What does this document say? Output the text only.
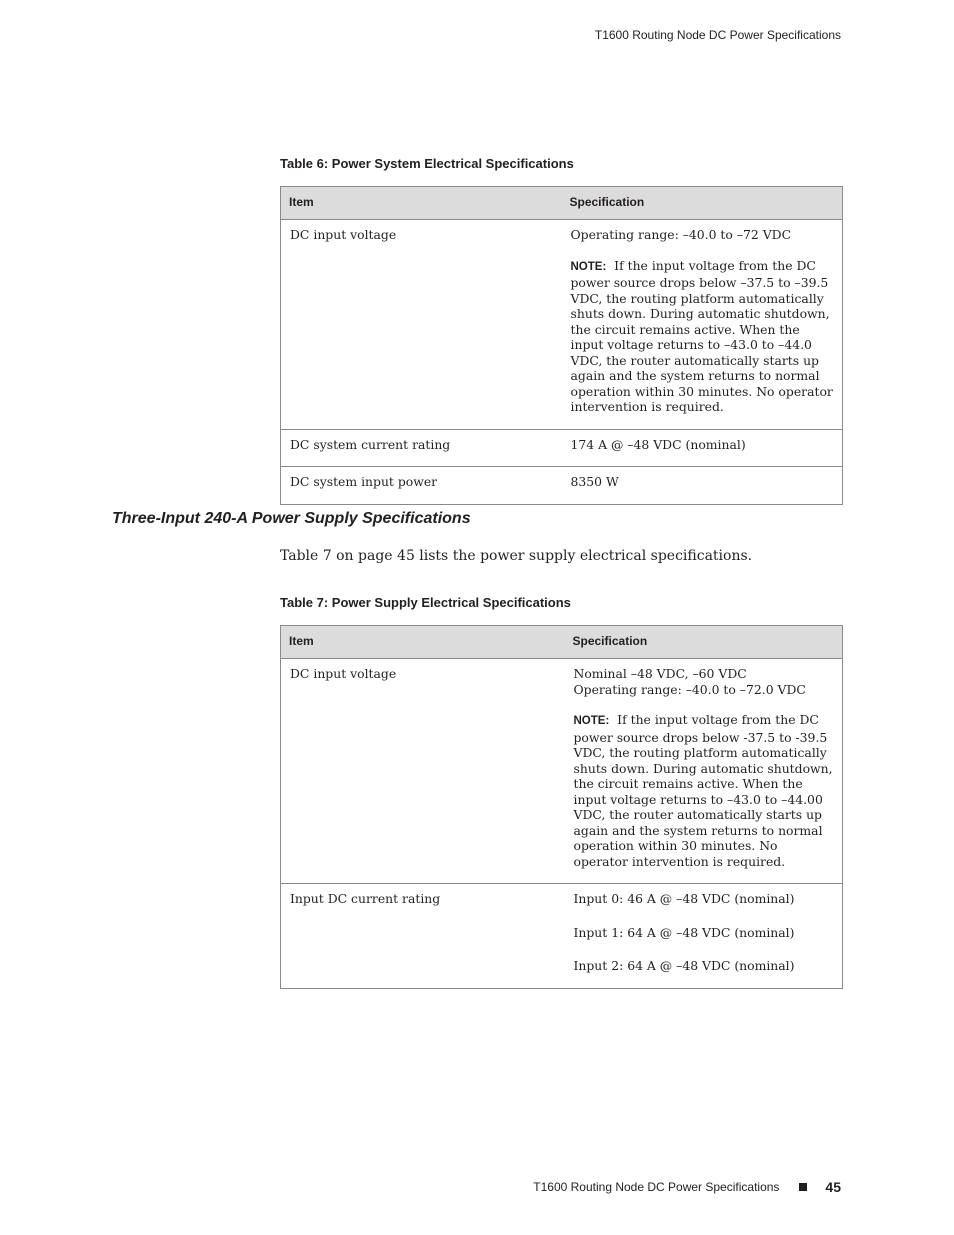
T1600 Routing Node DC Power Specifications
Table 6: Power System Electrical Specifications
Item	Specification
DC input voltage	Operating range: –40.0 to –72 VDC

NOTE: If the input voltage from the DC power source drops below –37.5 to –39.5 VDC, the routing platform automatically shuts down. During automatic shutdown, the circuit remains active. When the input voltage returns to –43.0 to –44.0 VDC, the router automatically starts up again and the system returns to normal operation within 30 minutes. No operator intervention is required.

DC system current rating	174 A @ –48 VDC (nominal)
DC system input power	8350 W
Three-Input 240-A Power Supply Specifications
Table 7 on page 45 lists the power supply electrical specifications.
Table 7: Power Supply Electrical Specifications
Item	Specification
DC input voltage	Nominal –48 VDC, –60 VDC

Operating range: –40.0 to –72.0 VDC

NOTE: If the input voltage from the DC power source drops below -37.5 to -39.5 VDC, the routing platform automatically shuts down. During automatic shutdown, the circuit remains active. When the input voltage returns to –43.0 to –44.00 VDC, the router automatically starts up again and the system returns to normal operation within 30 minutes. No operator intervention is required.

Input DC current rating	Input 0: 46 A @ –48 VDC (nominal)

Input 1: 64 A @ –48 VDC (nominal)

Input 2: 64 A @ –48 VDC (nominal)

T1600 Routing Node DC Power Specifications	45
